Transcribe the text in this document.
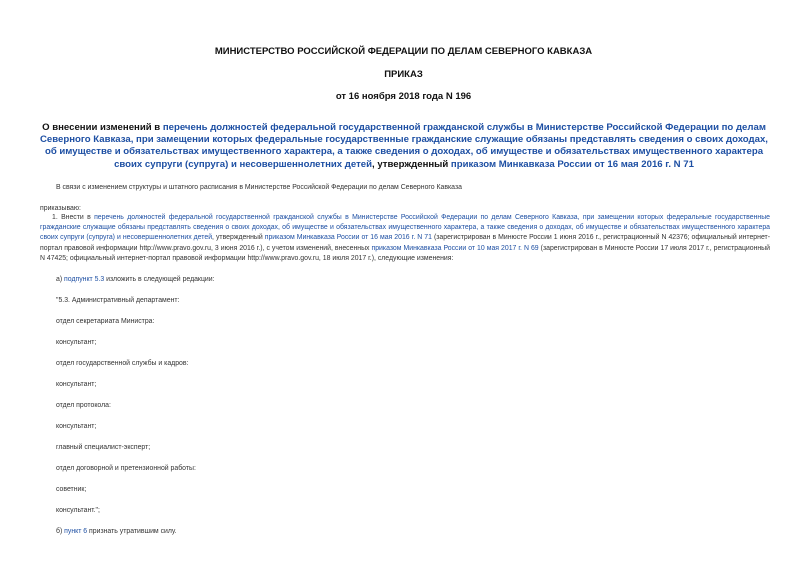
МИНИСТЕРСТВО РОССИЙСКОЙ ФЕДЕРАЦИИ ПО ДЕЛАМ СЕВЕРНОГО КАВКАЗА
ПРИКАЗ
от 16 ноября 2018 года N 196
О внесении изменений в перечень должностей федеральной государственной гражданской службы в Министерстве Российской Федерации по делам Северного Кавказа, при замещении которых федеральные государственные гражданские служащие обязаны представлять сведения о своих доходах, об имуществе и обязательствах имущественного характера, а также сведения о доходах, об имуществе и обязательствах имущественного характера своих супруги (супруга) и несовершеннолетних детей, утвержденный приказом Минкавказа России от 16 мая 2016 г. N 71
В связи с изменением структуры и штатного расписания в Министерстве Российской Федерации по делам Северного Кавказа
приказываю:
1. Внести в перечень должностей федеральной государственной гражданской службы в Министерстве Российской Федерации по делам Северного Кавказа, при замещении которых федеральные государственные гражданские служащие обязаны представлять сведения о своих доходах, об имуществе и обязательствах имущественного характера, а также сведения о доходах, об имуществе и обязательствах имущественного характера своих супруги (супруга) и несовершеннолетних детей, утвержденный приказом Минкавказа России от 16 мая 2016 г. N 71 (зарегистрирован в Минюсте России 1 июня 2016 г., регистрационный N 42376; официальный интернет-портал правовой информации http://www.pravo.gov.ru, 3 июня 2016 г.), с учетом изменений, внесенных приказом Минкавказа России от 10 мая 2017 г. N 69 (зарегистрирован в Минюсте России 17 июля 2017 г., регистрационный N 47425; официальный интернет-портал правовой информации http://www.pravo.gov.ru, 18 июля 2017 г.), следующие изменения:
а) подпункт 5.3 изложить в следующей редакции:
"5.3. Административный департамент:
отдел секретариата Министра:
консультант;
отдел государственной службы и кадров:
консультант;
отдел протокола:
консультант;
главный специалист-эксперт;
отдел договорной и претензионной работы:
советник;
консультант.";
б) пункт 6 признать утратившим силу.
